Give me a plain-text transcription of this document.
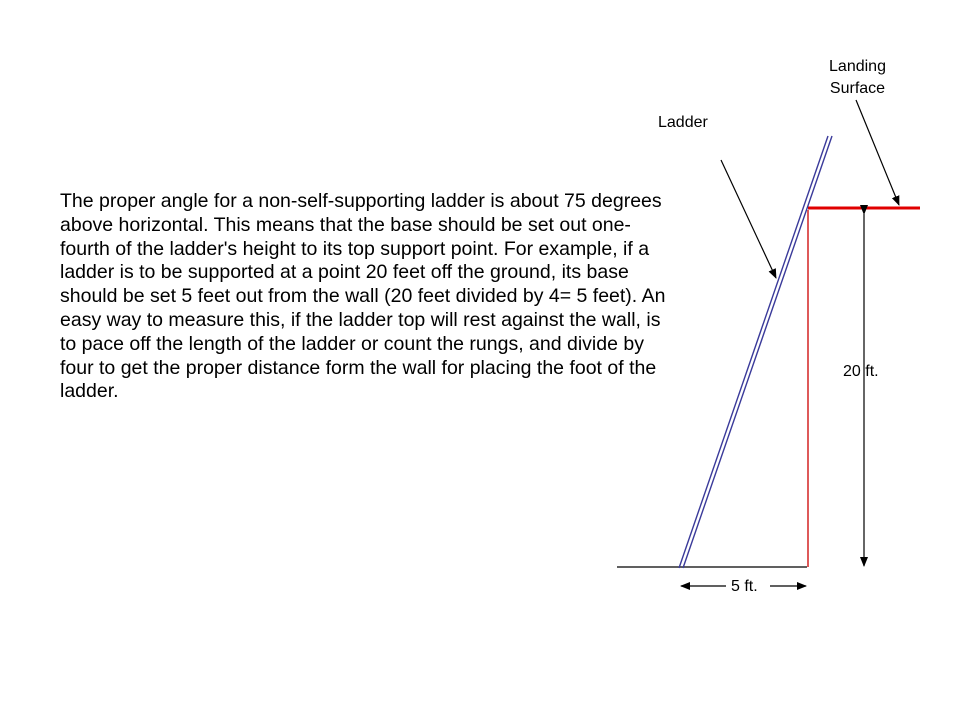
The proper angle for a non-self-supporting ladder is about 75 degrees above horizontal. This means that the base should be set out one-fourth of the ladder's height to its top support point. For example, if a ladder is to be supported at a point 20 feet off the ground, its base should be set 5 feet out from the wall (20 feet divided by 4= 5 feet). An easy way to measure this, if the ladder top will rest against the wall, is to pace off the length of the ladder or count the rungs, and divide by four to get the proper distance form the wall for placing the foot of the ladder.

Landing
Surface
Ladder
20 ft.
5 ft.
